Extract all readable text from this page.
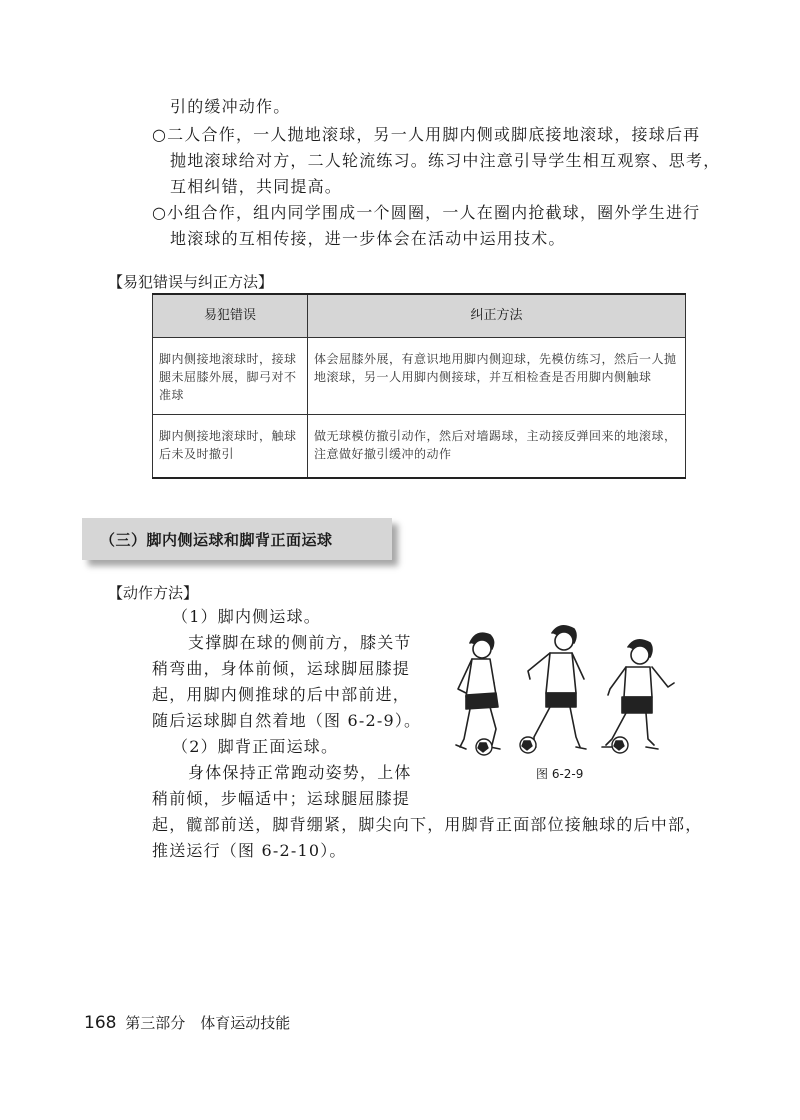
引的缓冲动作。
○二人合作，一人抛地滚球，另一人用脚内侧或脚底接地滚球，接球后再
抛地滚球给对方，二人轮流练习。练习中注意引导学生相互观察、思考，
互相纠错，共同提高。
○小组合作，组内同学围成一个圆圈，一人在圈内抢截球，圈外学生进行
地滚球的互相传接，进一步体会在活动中运用技术。
【易犯错误与纠正方法】
易犯错误	纠正方法
脚内侧接地滚球时，接球腿未屈膝外展，脚弓对不准球	体会屈膝外展，有意识地用脚内侧迎球，先模仿练习，然后一人抛地滚球，另一人用脚内侧接球，并互相检查是否用脚内侧触球
脚内侧接地滚球时，触球后未及时撤引	做无球模仿撤引动作，然后对墙踢球，主动接反弹回来的地滚球，注意做好撤引缓冲的动作
（三）脚内侧运球和脚背正面运球
【动作方法】
（1）脚内侧运球。
支撑脚在球的侧前方，膝关节
稍弯曲，身体前倾，运球脚屈膝提
起，用脚内侧推球的后中部前进，
随后运球脚自然着地（图 6-2-9）。
（2）脚背正面运球。
身体保持正常跑动姿势，上体
稍前倾，步幅适中；运球腿屈膝提
起，髋部前送，脚背绷紧，脚尖向下，用脚背正面部位接触球的后中部，
推送运行（图 6-2-10）。
图 6-2-9
168 第三部分　体育运动技能
